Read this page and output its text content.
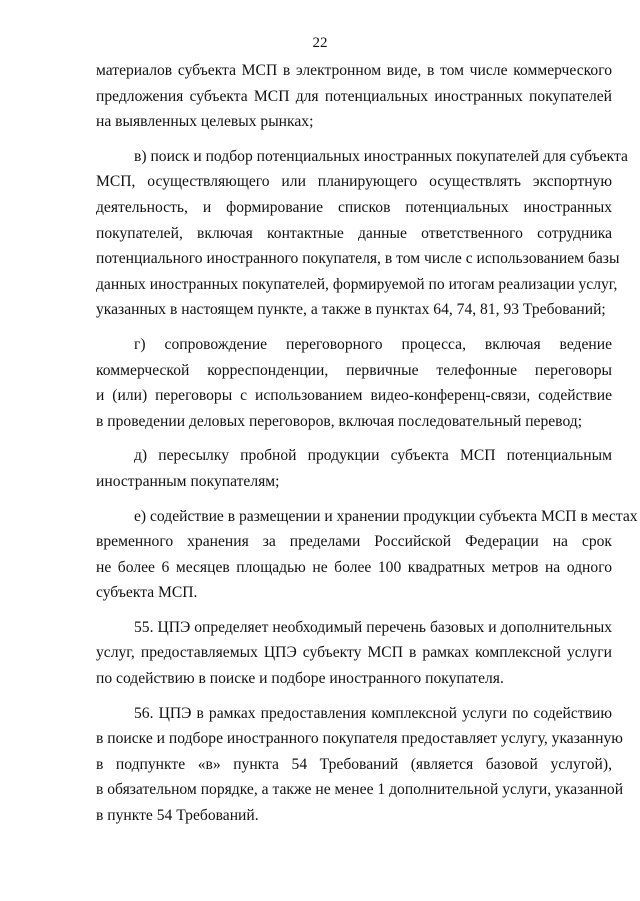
22

материалов субъекта МСП в электронном виде, в том числе коммерческого
предложения субъекта МСП для потенциальных иностранных покупателей
на выявленных целевых рынках;

в) поиск и подбор потенциальных иностранных покупателей для субъекта
МСП, осуществляющего или планирующего осуществлять экспортную
деятельность, и формирование списков потенциальных иностранных
покупателей, включая контактные данные ответственного сотрудника
потенциального иностранного покупателя, в том числе с использованием базы
данных иностранных покупателей, формируемой по итогам реализации услуг,
указанных в настоящем пункте, а также в пунктах 64, 74, 81, 93 Требований;

г) сопровождение переговорного процесса, включая ведение
коммерческой корреспонденции, первичные телефонные переговоры
и (или) переговоры с использованием видео-конференц-связи, содействие
в проведении деловых переговоров, включая последовательный перевод;

д) пересылку пробной продукции субъекта МСП потенциальным
иностранным покупателям;

е) содействие в размещении и хранении продукции субъекта МСП в местах
временного хранения за пределами Российской Федерации на срок
не более 6 месяцев площадью не более 100 квадратных метров на одного
субъекта МСП.

55. ЦПЭ определяет необходимый перечень базовых и дополнительных
услуг, предоставляемых ЦПЭ субъекту МСП в рамках комплексной услуги
по содействию в поиске и подборе иностранного покупателя.

56. ЦПЭ в рамках предоставления комплексной услуги по содействию
в поиске и подборе иностранного покупателя предоставляет услугу, указанную
в подпункте «в» пункта 54 Требований (является базовой услугой),
в обязательном порядке, а также не менее 1 дополнительной услуги, указанной
в пункте 54 Требований.
